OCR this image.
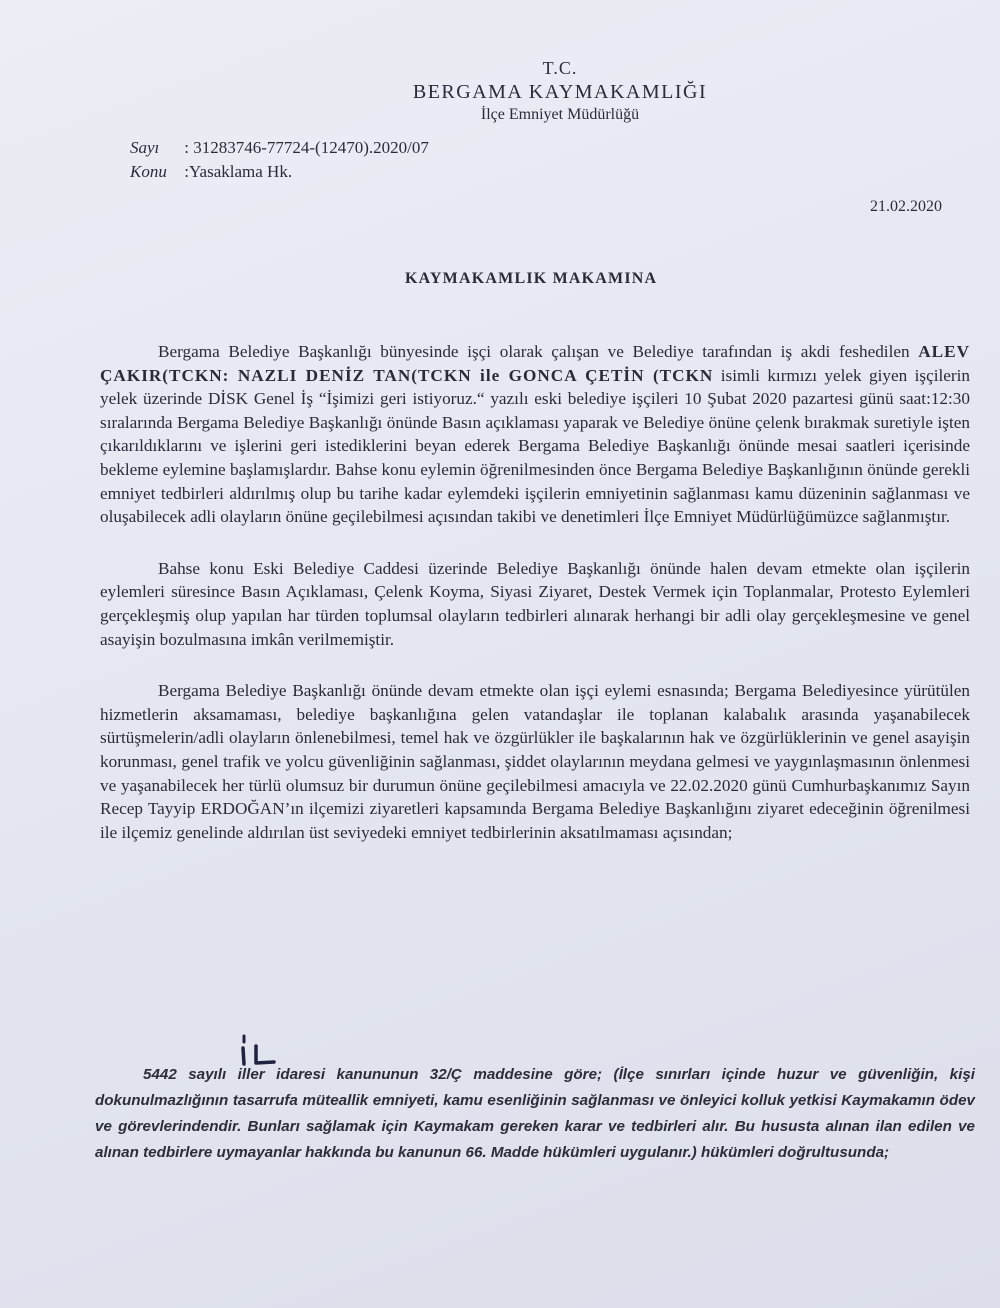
T.C.
BERGAMA KAYMAKAMLIĞI
İlçe Emniyet Müdürlüğü
Sayı : 31283746-77724-(12470).2020/07
Konu :Yasaklama Hk.
21.02.2020
KAYMAKAMLIK MAKAMINA

Bergama Belediye Başkanlığı bünyesinde işçi olarak çalışan ve Belediye tarafından iş akdi feshedilen ALEV ÇAKIR(TCKN: NAZLI DENİZ TAN(TCKN ile GONCA ÇETİN (TCKN isimli kırmızı yelek giyen işçilerin yelek üzerinde DİSK Genel İş “İşimizi geri istiyoruz.“ yazılı eski belediye işçileri 10 Şubat 2020 pazartesi günü saat:12:30 sıralarında Bergama Belediye Başkanlığı önünde Basın açıklaması yaparak ve Belediye önüne çelenk bırakmak suretiyle işten çıkarıldıklarını ve işlerini geri istediklerini beyan ederek Bergama Belediye Başkanlığı önünde mesai saatleri içerisinde bekleme eylemine başlamışlardır. Bahse konu eylemin öğrenilmesinden önce Bergama Belediye Başkanlığının önünde gerekli emniyet tedbirleri aldırılmış olup bu tarihe kadar eylemdeki işçilerin emniyetinin sağlanması kamu düzeninin sağlanması ve oluşabilecek adli olayların önüne geçilebilmesi açısından takibi ve denetimleri İlçe Emniyet Müdürlüğümüzce sağlanmıştır.

Bahse konu Eski Belediye Caddesi üzerinde Belediye Başkanlığı önünde halen devam etmekte olan işçilerin eylemleri süresince Basın Açıklaması, Çelenk Koyma, Siyasi Ziyaret, Destek Vermek için Toplanmalar, Protesto Eylemleri gerçekleşmiş olup yapılan har türden toplumsal olayların tedbirleri alınarak herhangi bir adli olay gerçekleşmesine ve genel asayişin bozulmasına imkân verilmemiştir.

Bergama Belediye Başkanlığı önünde devam etmekte olan işçi eylemi esnasında; Bergama Belediyesince yürütülen hizmetlerin aksamaması, belediye başkanlığına gelen vatandaşlar ile toplanan kalabalık arasında yaşanabilecek sürtüşmelerin/adli olayların önlenebilmesi, temel hak ve özgürlükler ile başkalarının hak ve özgürlüklerinin ve genel asayişin korunması, genel trafik ve yolcu güvenliğinin sağlanması, şiddet olaylarının meydana gelmesi ve yaygınlaşmasının önlenmesi ve yaşanabilecek her türlü olumsuz bir durumun önüne geçilebilmesi amacıyla ve 22.02.2020 günü Cumhurbaşkanımız Sayın Recep Tayyip ERDOĞAN’ın ilçemizi ziyaretleri kapsamında Bergama Belediye Başkanlığını ziyaret edeceğinin öğrenilmesi ile ilçemiz genelinde aldırılan üst seviyedeki emniyet tedbirlerinin aksatılmaması açısından;

5442 sayılı iller idaresi kanununun 32/Ç maddesine göre; (İlçe sınırları içinde huzur ve güvenliğin, kişi dokunulmazlığının tasarrufa müteallik emniyeti, kamu esenliğinin sağlanması ve önleyici kolluk yetkisi Kaymakamın ödev ve görevlerindendir. Bunları sağlamak için Kaymakam gereken karar ve tedbirleri alır. Bu hususta alınan ilan edilen ve alınan tedbirlere uymayanlar hakkında bu kanunun 66. Madde hükümleri uygulanır.) hükümleri doğrultusunda;
